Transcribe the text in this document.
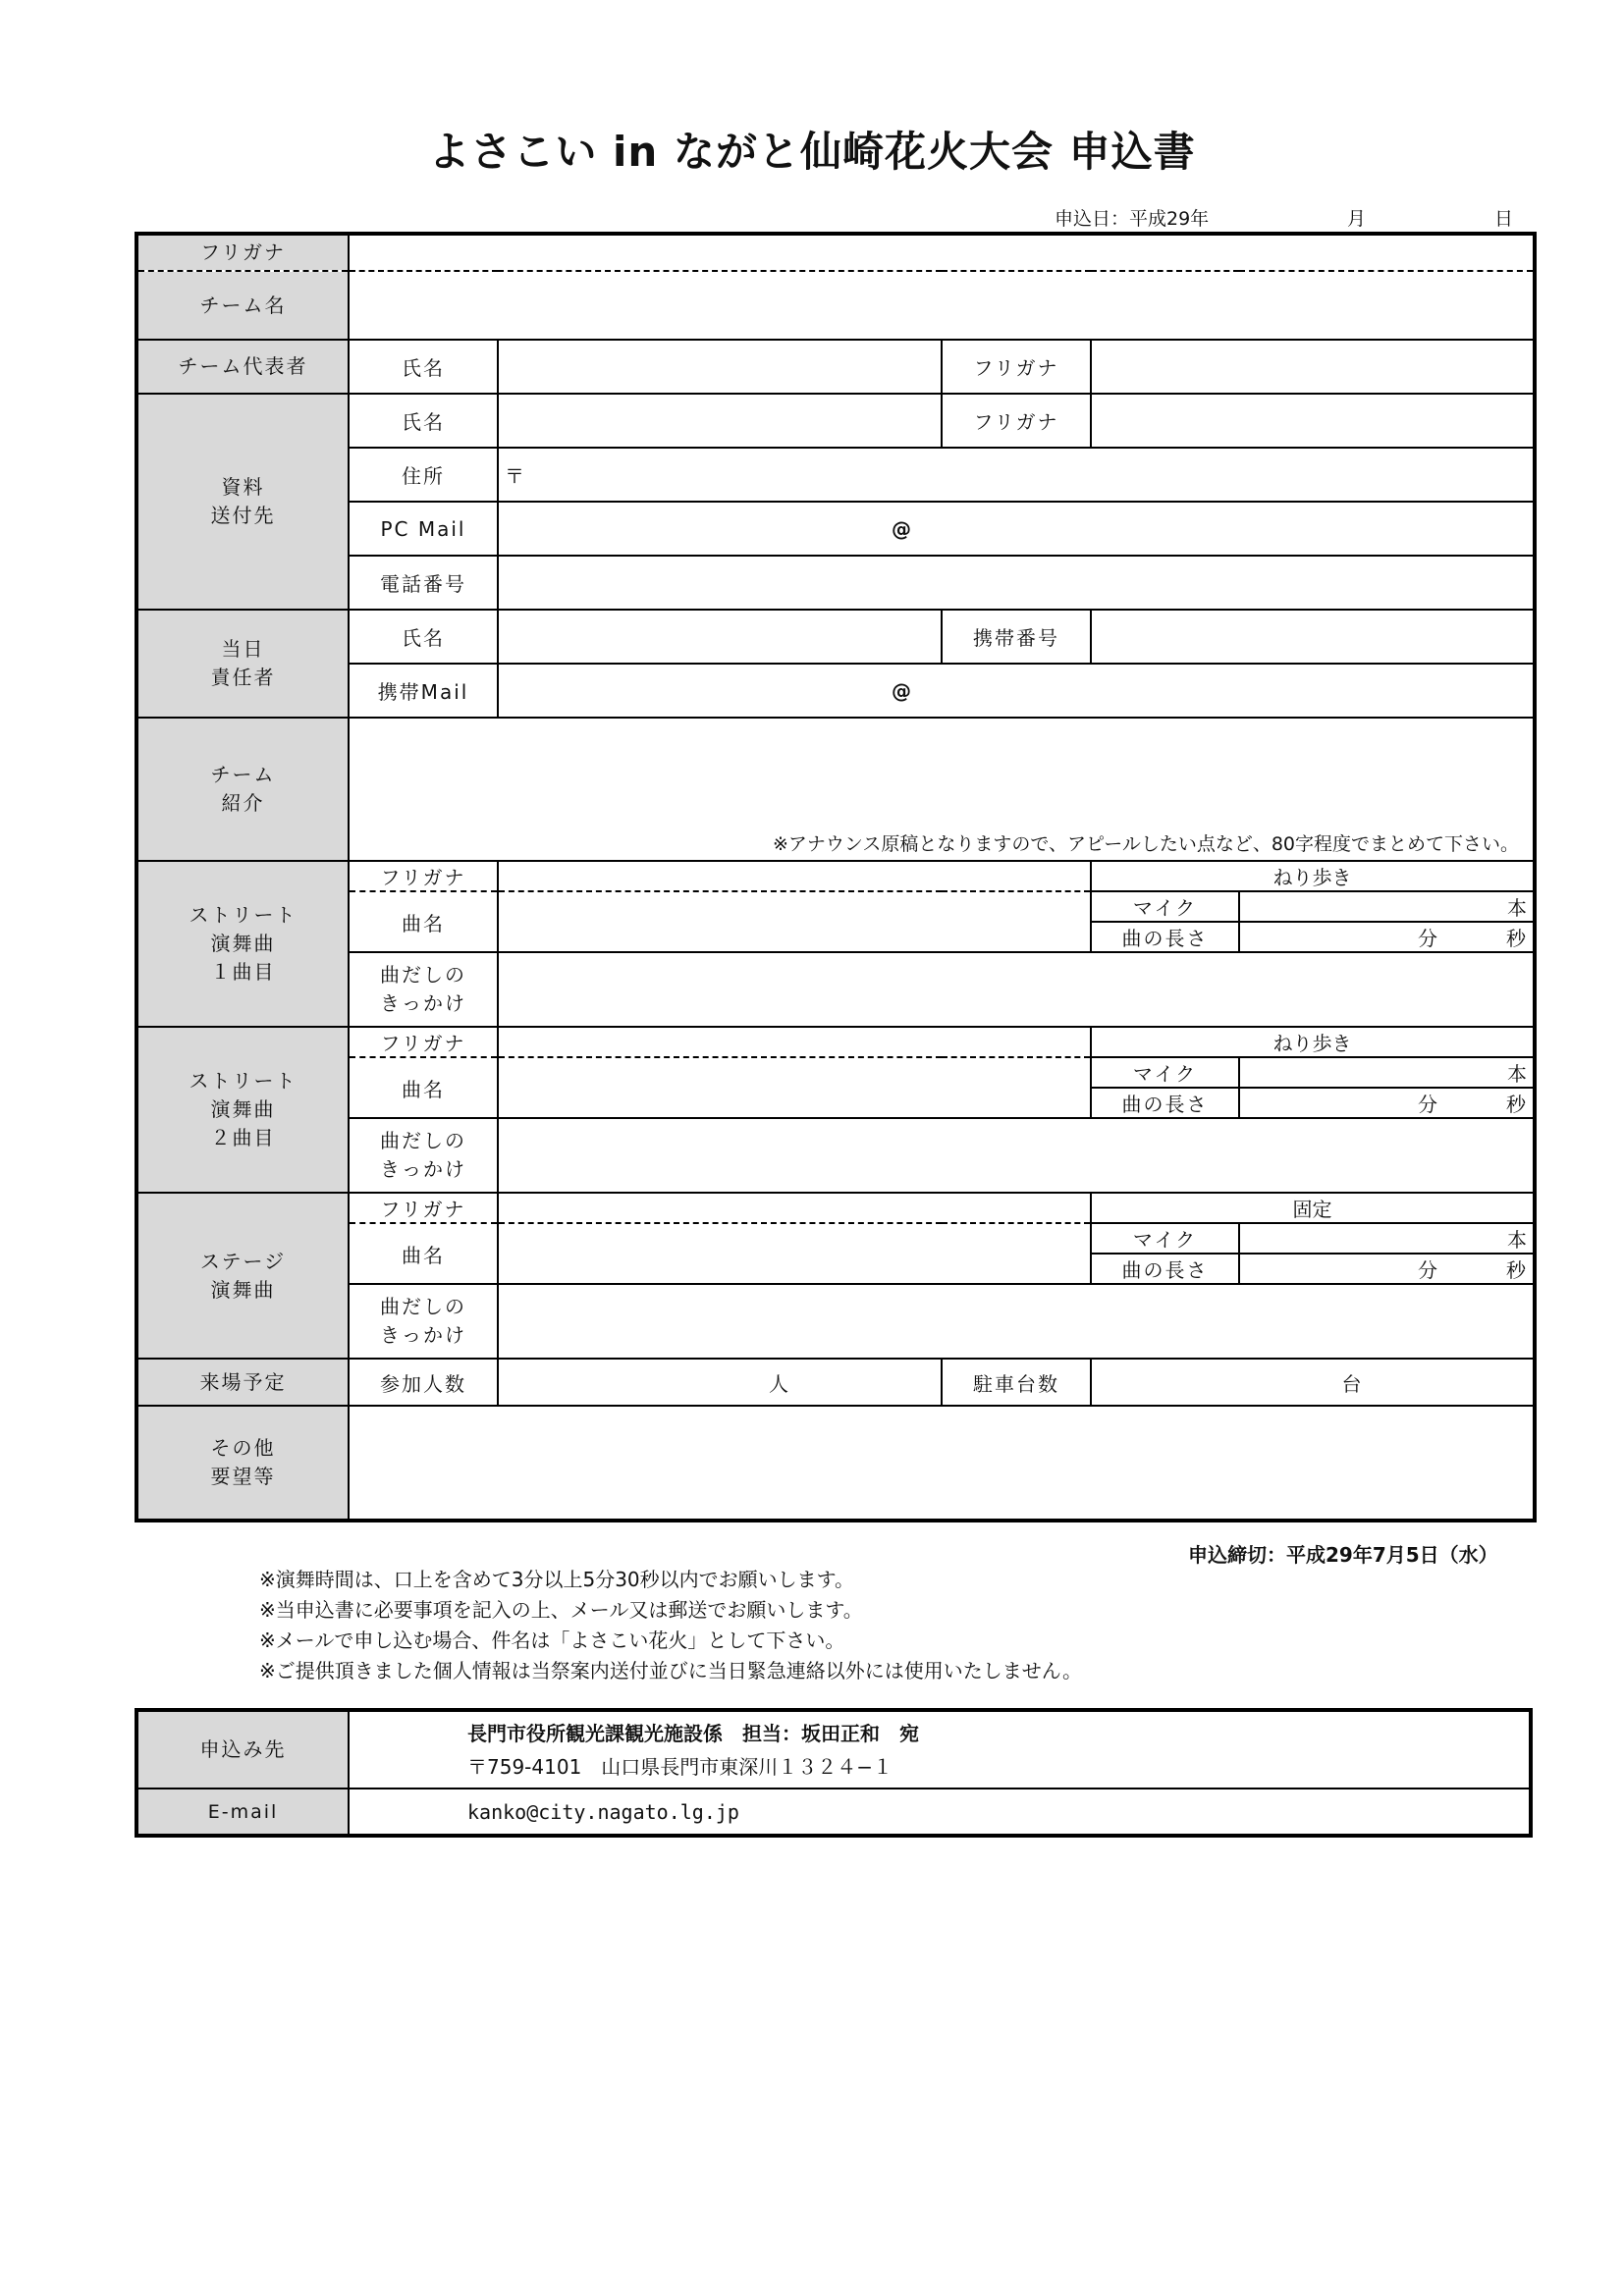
よさこい in ながと仙崎花火大会 申込書
申込日：平成29年	月	日
フリガナ					
チーム名					
チーム代表者	氏名		フリガナ		
資料
送付先	氏名		フリガナ		
	住所	〒			
	PC Mail	@			
	電話番号				
当日
責任者	氏名		携帯番号		
	携帯Mail	@			
チーム
紹介	※アナウンス原稿となりますので、アピールしたい点など、80字程度でまとめて下さい。				

ストリート
演舞曲
１曲目	フリガナ			ねり歩き	
	曲名			マイク	本
				曲の長さ	分 秒
	曲だしの
きっかけ				
ストリート
演舞曲
２曲目	フリガナ			ねり歩き	
	曲名			マイク	本
				曲の長さ	分 秒
	曲だしの
きっかけ				
ステージ
演舞曲	フリガナ			固定	
	曲名			マイク	本
				曲の長さ	分 秒
	曲だしの
きっかけ				
来場予定	参加人数	人	駐車台数	台	
その他
要望等					
申込締切：平成29年7月5日（水）
※演舞時間は、口上を含めて3分以上5分30秒以内でお願いします。
※当申込書に必要事項を記入の上、メール又は郵送でお願いします。
※メールで申し込む場合、件名は「よさこい花火」として下さい。
※ご提供頂きました個人情報は当祭案内送付並びに当日緊急連絡以外には使用いたしません。
申込み先	長門市役所観光課観光施設係　担当：坂田正和　宛
〒759-4101　山口県長門市東深川１３２４−１

E-mail	kanko@city.nagato.lg.jp
